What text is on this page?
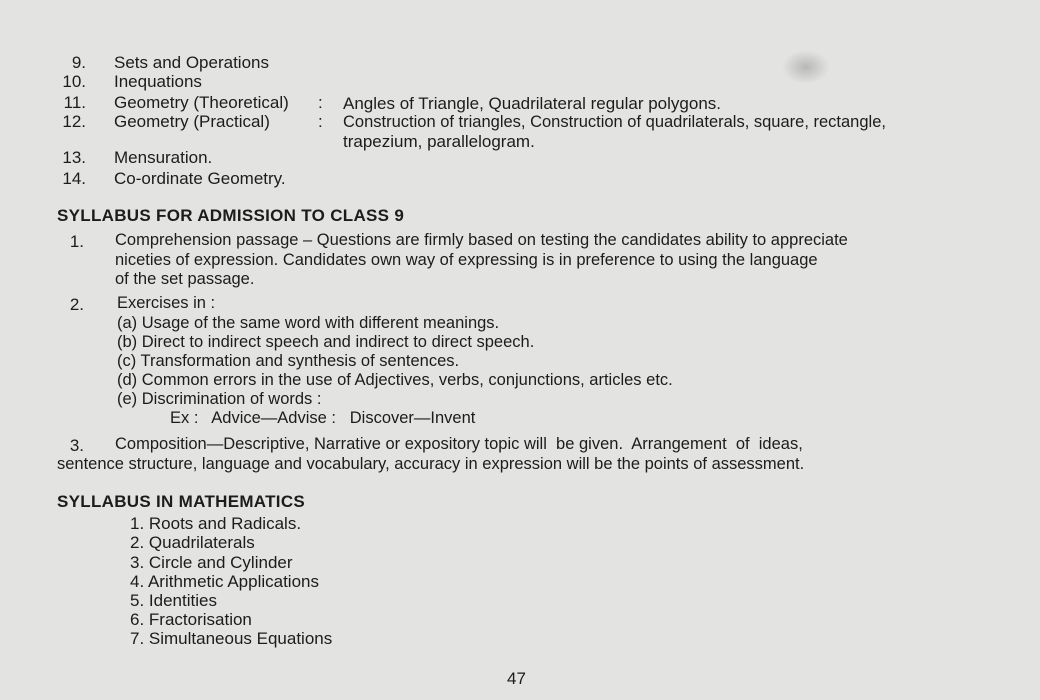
9. Sets and Operations
10. Inequations
11. Geometry (Theoretical) : Angles of Triangle, Quadrilateral regular polygons.
12. Geometry (Practical)	: Construction of triangles, Construction of quadrilaterals, square, rectangle,
trapezium, parallelogram.
13. Mensuration.
14. Co-ordinate Geometry.
SYLLABUS FOR ADMISSION TO CLASS 9
1. Comprehension passage – Questions are firmly based on testing the candidates ability to appreciate
niceties of expression. Candidates own way of expressing is in preference to using the language
of the set passage.
2. Exercises in :
(a) Usage of the same word with different meanings.
(b) Direct to indirect speech and indirect to direct speech.
(c) Transformation and synthesis of sentences.
(d) Common errors in the use of Adjectives, verbs, conjunctions, articles etc.
(e) Discrimination of words :
Ex :   Advice—Advise :   Discover—Invent
3. Composition—Descriptive, Narrative or expository topic will  be given.  Arrangement  of  ideas,
sentence structure, language and vocabulary, accuracy in expression will be the points of assessment.
SYLLABUS IN MATHEMATICS
1. Roots and Radicals.
2. Quadrilaterals
3. Circle and Cylinder
4. Arithmetic Applications
5. Identities
6. Fractorisation
7. Simultaneous Equations
47
